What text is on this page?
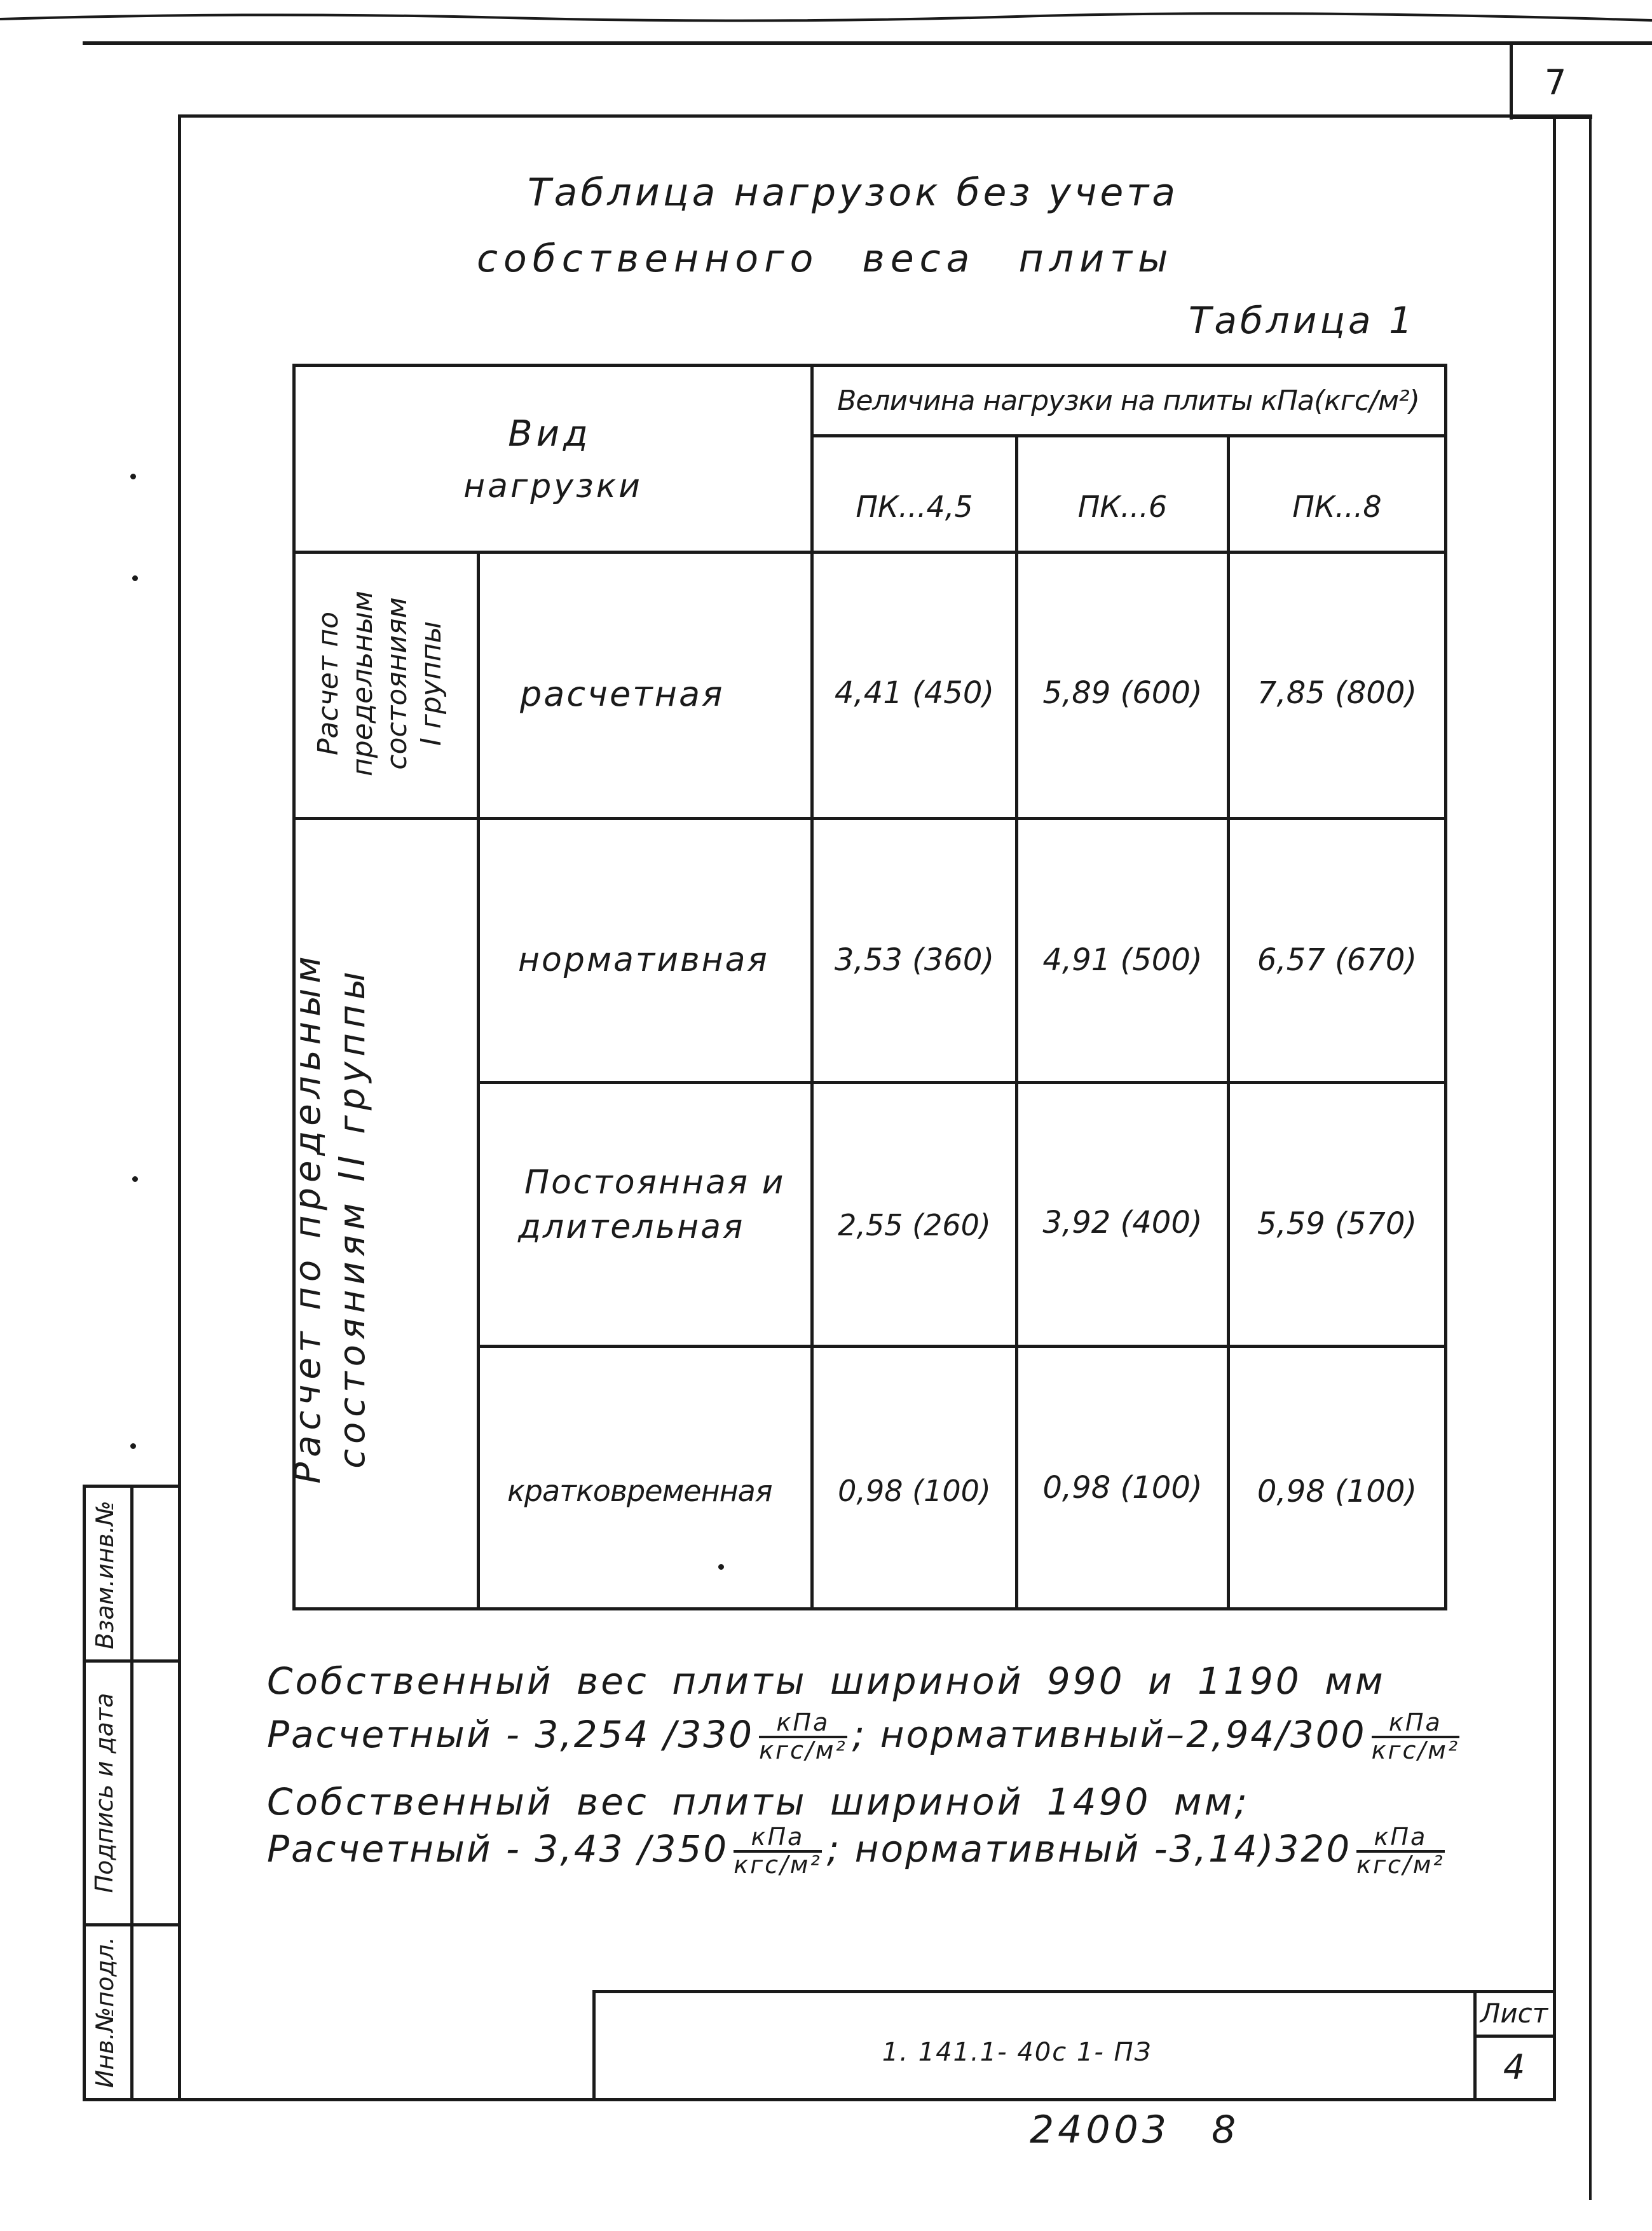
7
Таблица нагрузок без учета
собственного веса плиты
Таблица 1
Вид
нагрузки
Величина нагрузки на плиты кПа(кгс/м²)
ПК...4,5	ПК...6	ПК...8
Расчет по предельным состояниям I группы
Расчет по предельным состояниям II группы
расчетная	4,41 (450)	5,89 (600)	7,85 (800)
нормативная	3,53 (360)	4,91 (500)	6,57 (670)
Постоянная и
длительная	2,55 (260)	3,92 (400)	5,59 (570)
кратковременная	0,98 (100)	0,98 (100)	0,98 (100)
Собственный вес плиты шириной 990 и 1190 мм
Расчетный - 3,254 $/330 \frac{\text{кПа}}{\text{кгс/м²}}$ ; нормативный–2,94/300 $\frac{\text{кПа}}{\text{кгс/м²}}$
Собственный вес плиты шириной 1490 мм;
Расчетный - 3,43 $/350 \frac{\text{кПа}}{\text{кгс/м²}}$ ; нормативный $-3,14)320 \frac{\text{кПа}}{\text{кгс/м²}}$
1. 141.1- 40с 1- ПЗ
Лист
4
Взам.инв.№
Подпись и дата
Инв.№подл.
24003 8
